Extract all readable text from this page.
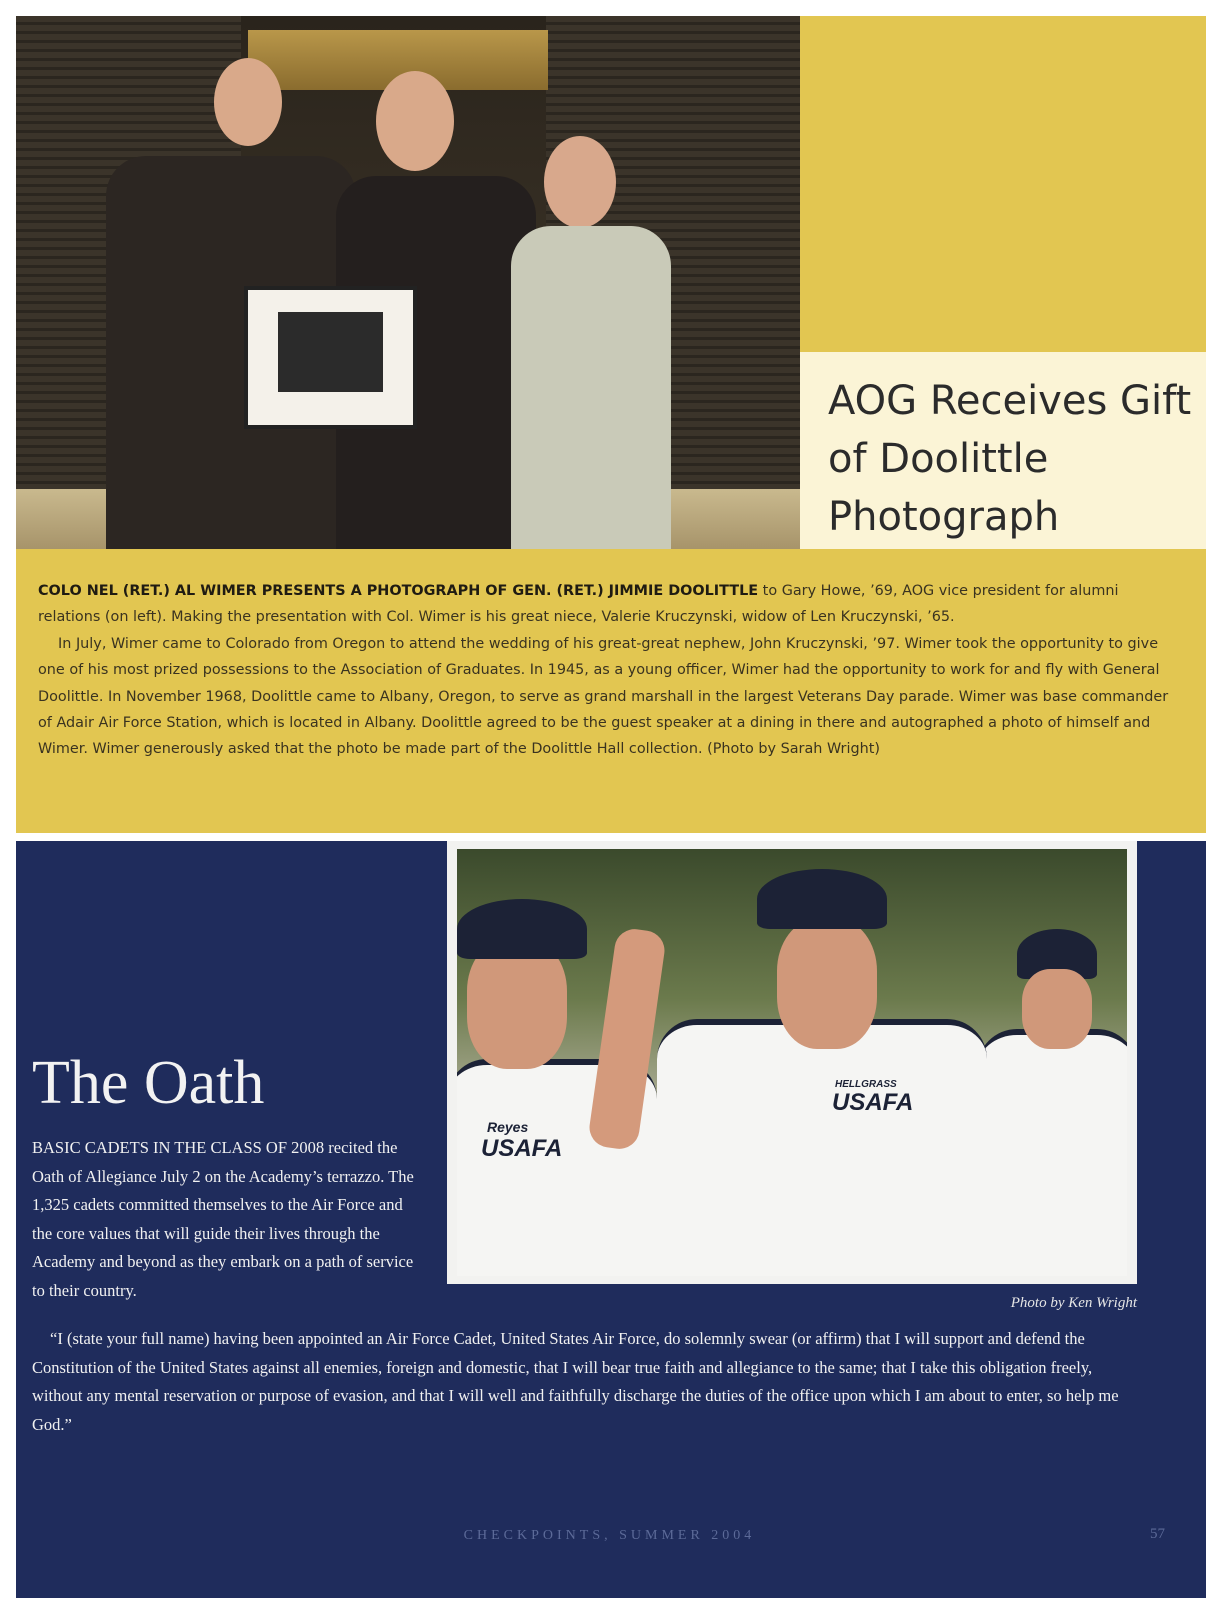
AOG Receives Gift of Doolittle Photograph

COLO NEL (RET.) AL WIMER PRESENTS A PHOTOGRAPH OF GEN. (RET.) JIMMIE DOOLITTLE to Gary Howe, ’69, AOG vice president for alumni relations (on left). Making the presentation with Col. Wimer is his great niece, Valerie Kruczynski, widow of Len Kruczynski, ’65.

In July, Wimer came to Colorado from Oregon to attend the wedding of his great-great nephew, John Kruczynski, ’97. Wimer took the opportunity to give one of his most prized possessions to the Association of Graduates. In 1945, as a young officer, Wimer had the opportunity to work for and fly with General Doolittle. In November 1968, Doolittle came to Albany, Oregon, to serve as grand marshall in the largest Veterans Day parade. Wimer was base commander of Adair Air Force Station, which is located in Albany. Doolittle agreed to be the guest speaker at a dining in there and autographed a photo of himself and Wimer. Wimer generously asked that the photo be made part of the Doolittle Hall collection. (Photo by Sarah Wright)

Reyes
USAFA
HELLGRASS
USAFA
The Oath
BASIC CADETS IN THE CLASS OF 2008 recited the Oath of Allegiance July 2 on the Academy’s terrazzo. The 1,325 cadets committed themselves to the Air Force and the core values that will guide their lives through the Academy and beyond as they embark on a path of service to their country.
Photo by Ken Wright
“I (state your full name) having been appointed an Air Force Cadet, United States Air Force, do solemnly swear (or affirm) that I will support and defend the Constitution of the United States against all enemies, foreign and domestic, that I will bear true faith and allegiance to the same; that I take this obligation freely, without any mental reservation or purpose of evasion, and that I will well and faithfully discharge the duties of the office upon which I am about to enter, so help me God.”
CHECKPOINTS, SUMMER 2004	57
